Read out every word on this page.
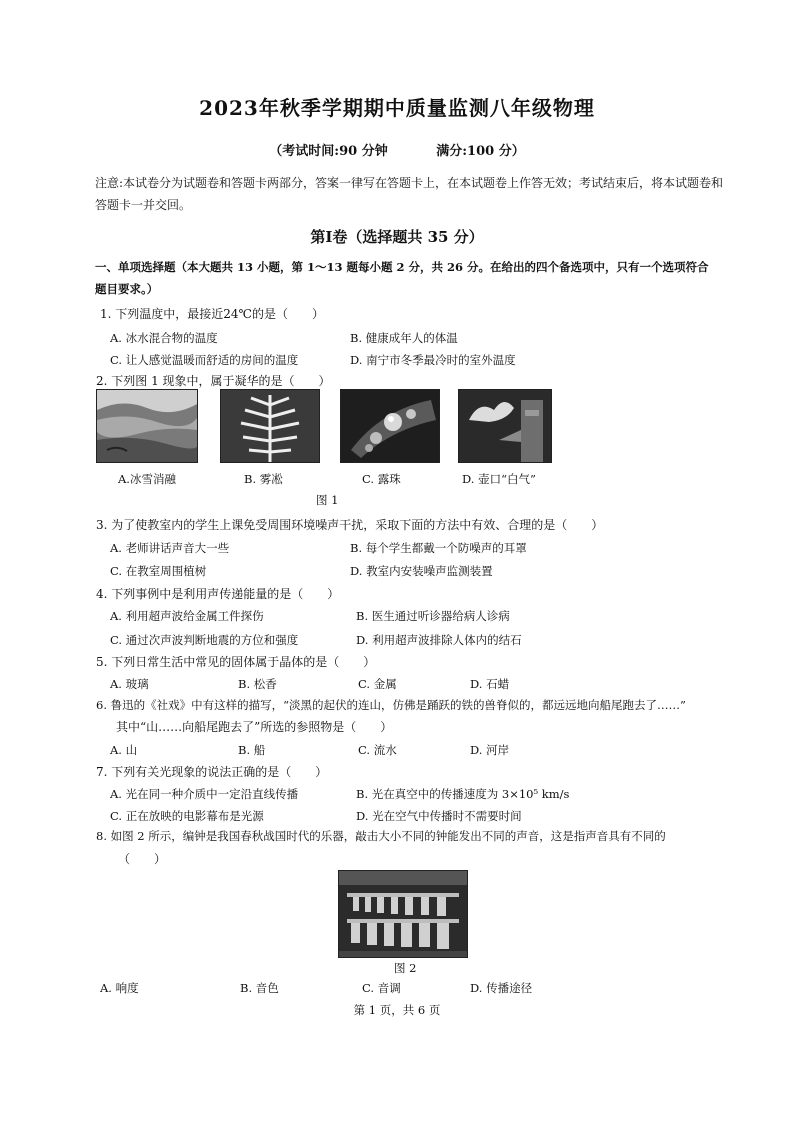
2023年秋季学期期中质量监测八年级物理
（考试时间:90 分钟	满分:100 分）
注意:本试卷分为试题卷和答题卡两部分，答案一律写在答题卡上，在本试题卷上作答无效；考试结束后，将本试题卷和答题卡一并交回。
第Ⅰ卷（选择题共 35 分）
一、单项选择题（本大题共 13 小题，第 1～13 题每小题 2 分，共 26 分。在给出的四个备选项中，只有一个选项符合题目要求。）
1. 下列温度中，最接近24℃的是（　　）
A. 冰水混合物的温度	B. 健康成年人的体温
C. 让人感觉温暖而舒适的房间的温度	D. 南宁市冬季最冷时的室外温度
2. 下列图 1 现象中，属于凝华的是（　　）
A.冰雪消融	B. 雾凇	C. 露珠	D. 壶口“白气”
图 1
3. 为了使教室内的学生上课免受周围环境噪声干扰，采取下面的方法中有效、合理的是（　　）
A. 老师讲话声音大一些	B. 每个学生都戴一个防噪声的耳罩
C. 在教室周围植树	D. 教室内安装噪声监测装置
4. 下列事例中是利用声传递能量的是（　　）
A. 利用超声波给金属工件探伤	B. 医生通过听诊器给病人诊病
C. 通过次声波判断地震的方位和强度	D. 利用超声波排除人体内的结石
5. 下列日常生活中常见的固体属于晶体的是（　　）
A. 玻璃	B. 松香	C. 金属	D. 石蜡
6. 鲁迅的《社戏》中有这样的描写，“淡黑的起伏的连山，仿佛是踊跃的铁的兽脊似的，都远远地向船尾跑去了……”
其中“山……向船尾跑去了”所选的参照物是（　　）
A. 山	B. 船	C. 流水	D. 河岸
7. 下列有关光现象的说法正确的是（　　）
A. 光在同一种介质中一定沿直线传播	B. 光在真空中的传播速度为 3×10⁵ km/s
C. 正在放映的电影幕布是光源	D. 光在空气中传播时不需要时间
8. 如图 2 所示，编钟是我国春秋战国时代的乐器，敲击大小不同的钟能发出不同的声音，这是指声音具有不同的
（　　）
图 2
A. 响度	B. 音色	C. 音调	D. 传播途径
第 1 页，共 6 页
